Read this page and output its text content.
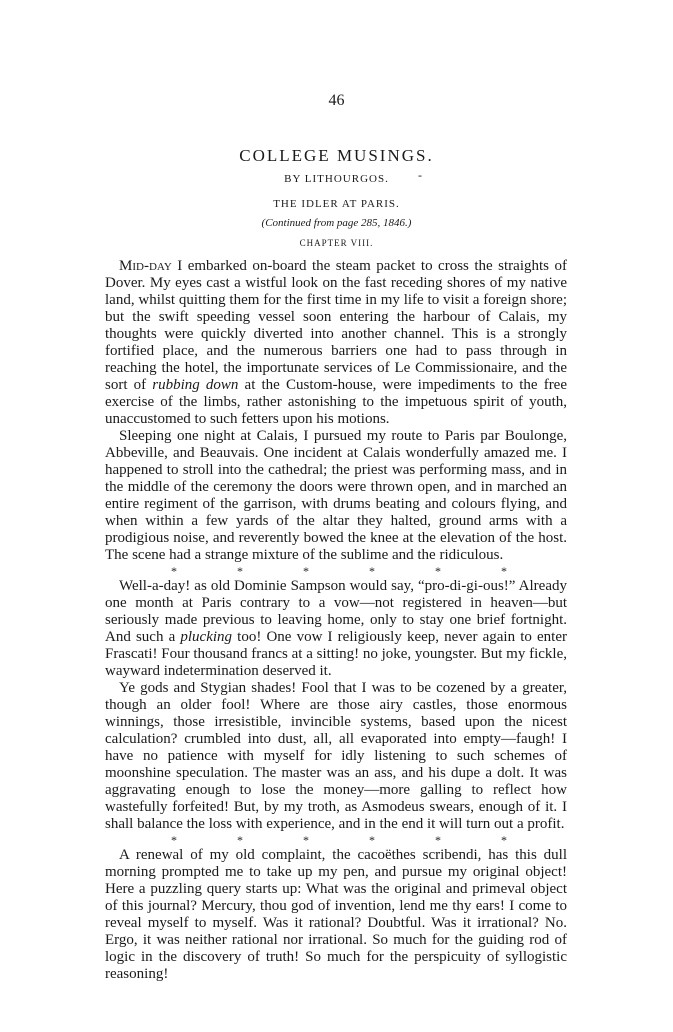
46
COLLEGE MUSINGS.
BY LITHOURGOS.	-
THE IDLER AT PARIS.
(Continued from page 285, 1846.)
CHAPTER VIII.

Mid-day I embarked on-board the steam packet to cross the straights of Dover. My eyes cast a wistful look on the fast receding shores of my native land, whilst quitting them for the first time in my life to visit a foreign shore; but the swift speeding vessel soon entering the harbour of Calais, my thoughts were quickly diverted into another channel. This is a strongly fortified place, and the numerous barriers one had to pass through in reaching the hotel, the importunate services of Le Commissionaire, and the sort of rubbing down at the Custom-house, were impediments to the free exercise of the limbs, rather astonishing to the impetuous spirit of youth, unaccustomed to such fetters upon his motions.

Sleeping one night at Calais, I pursued my route to Paris par Boulonge, Abbeville, and Beauvais. One incident at Calais wonderfully amazed me. I happened to stroll into the cathedral; the priest was performing mass, and in the middle of the ceremony the doors were thrown open, and in marched an entire regiment of the garrison, with drums beating and colours flying, and when within a few yards of the altar they halted, ground arms with a prodigious noise, and reverently bowed the knee at the elevation of the host. The scene had a strange mixture of the sublime and the ridiculous.

*	*	*	*	*	*

Well-a-day! as old Dominie Sampson would say, “pro-di-gi-ous!” Already one month at Paris contrary to a vow—not registered in heaven—but seriously made previous to leaving home, only to stay one brief fortnight. And such a plucking too! One vow I religiously keep, never again to enter Frascati! Four thousand francs at a sitting! no joke, youngster. But my fickle, wayward indetermination deserved it.

Ye gods and Stygian shades! Fool that I was to be cozened by a greater, though an older fool! Where are those airy castles, those enormous winnings, those irresistible, invincible systems, based upon the nicest calculation? crumbled into dust, all, all evaporated into empty—faugh! I have no patience with myself for idly listening to such schemes of moonshine speculation. The master was an ass, and his dupe a dolt. It was aggravating enough to lose the money—more galling to reflect how wastefully forfeited! But, by my troth, as Asmodeus swears, enough of it. I shall balance the loss with experience, and in the end it will turn out a profit.

*	*	*	*	*	*

A renewal of my old complaint, the cacoëthes scribendi, has this dull morning prompted me to take up my pen, and pursue my original object! Here a puzzling query starts up: What was the original and primeval object of this journal? Mercury, thou god of invention, lend me thy ears! I come to reveal myself to myself. Was it rational? Doubtful. Was it irrational? No. Ergo, it was neither rational nor irrational. So much for the guiding rod of logic in the discovery of truth! So much for the perspicuity of syllogistic reasoning!
